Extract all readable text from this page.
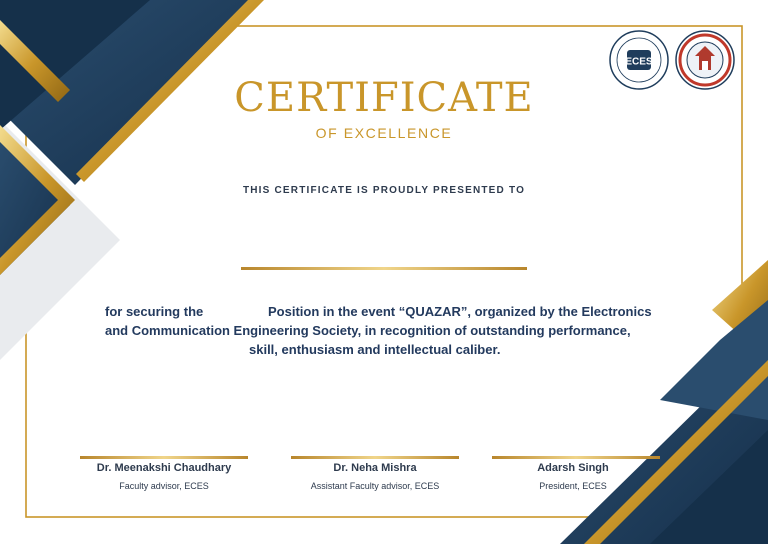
ECES
CERTIFICATE
OF EXCELLENCE
THIS CERTIFICATE IS PROUDLY PRESENTED TO
for securing the	Position in the event “QUAZAR”, organized by the Electronics
and Communication Engineering Society, in recognition of outstanding performance,
skill, enthusiasm and intellectual caliber.
Dr. Meenakshi Chaudhary
Faculty advisor, ECES
Dr. Neha Mishra
Assistant Faculty advisor, ECES
Adarsh Singh
President, ECES
